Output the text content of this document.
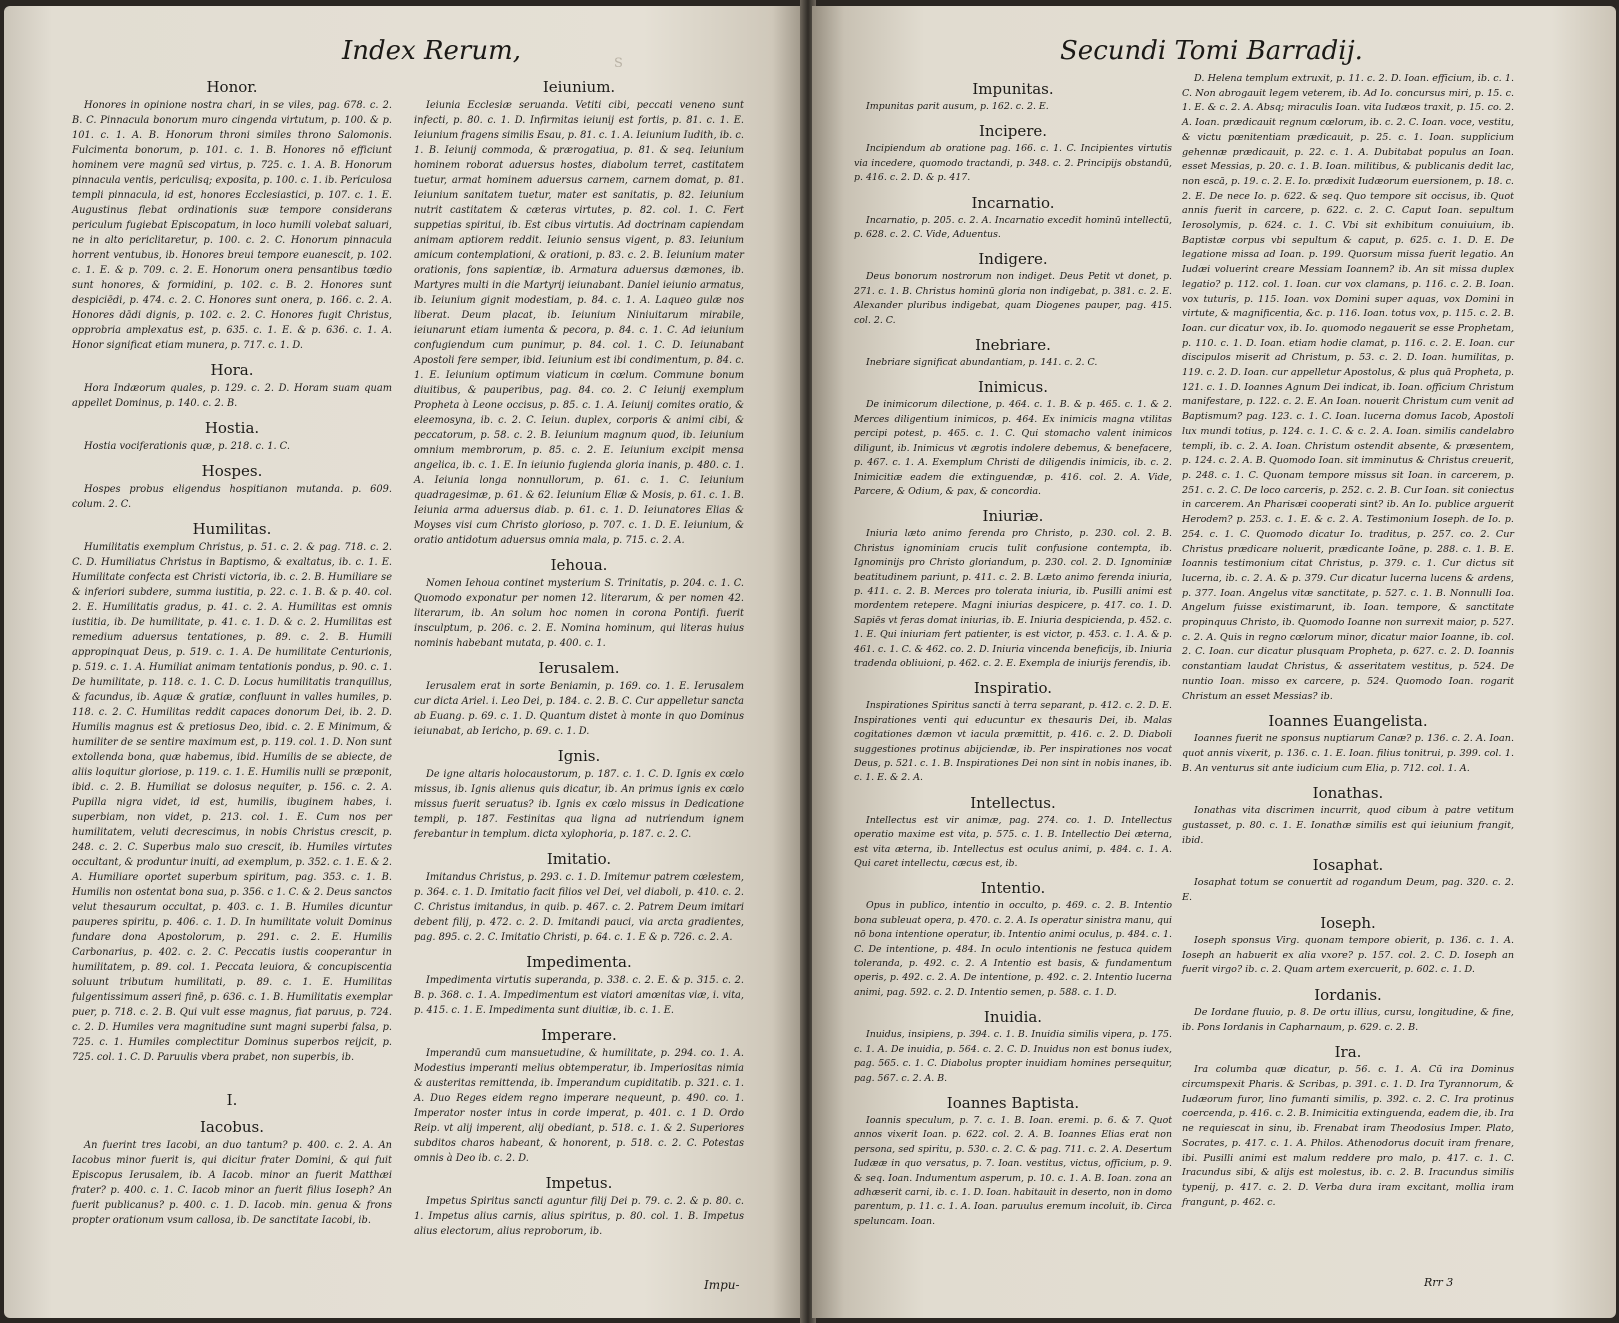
Index Rerum,	S
Honor.

Honores in opinione nostra chari, in se viles, pag. 678. c. 2. B. C. Pinnacula bonorum muro cingenda virtutum, p. 100. & p. 101. c. 1. A. B. Honorum throni similes throno Salomonis. Fulcimenta bonorum, p. 101. c. 1. B. Honores nō efficiunt hominem vere magnū sed virtus, p. 725. c. 1. A. B. Honorum pinnacula ventis, periculisq; exposita, p. 100. c. 1. ib. Periculosa templi pinnacula, id est, honores Ecclesiastici, p. 107. c. 1. E. Augustinus flebat ordinationis suæ tempore considerans periculum fugiebat Episcopatum, in loco humili volebat saluari, ne in alto periclitaretur, p. 100. c. 2. C. Honorum pinnacula horrent ventubus, ib. Honores breui tempore euanescit, p. 102. c. 1. E. & p. 709. c. 2. E. Honorum onera pensantibus tœdio sunt honores, & formidini, p. 102. c. B. 2. Honores sunt despiciēdi, p. 474. c. 2. C. Honores sunt onera, p. 166. c. 2. A. Honores dādi dignis, p. 102. c. 2. C. Honores fugit Christus, opprobria amplexatus est, p. 635. c. 1. E. & p. 636. c. 1. A. Honor significat etiam munera, p. 717. c. 1. D.

Hora.

Hora Indæorum quales, p. 129. c. 2. D. Horam suam quam appellet Dominus, p. 140. c. 2. B.

Hostia.

Hostia vociferationis quæ, p. 218. c. 1. C.

Hospes.

Hospes probus eligendus hospitianon mutanda. p. 609. colum. 2. C.

Humilitas.

Humilitatis exemplum Christus, p. 51. c. 2. & pag. 718. c. 2. C. D. Humiliatus Christus in Baptismo, & exaltatus, ib. c. 1. E. Humilitate confecta est Christi victoria, ib. c. 2. B. Humiliare se & inferiori subdere, summa iustitia, p. 22. c. 1. B. & p. 40. col. 2. E. Humilitatis gradus, p. 41. c. 2. A. Humilitas est omnis iustitia, ib. De humilitate, p. 41. c. 1. D. & c. 2. Humilitas est remedium aduersus tentationes, p. 89. c. 2. B. Humili appropinquat Deus, p. 519. c. 1. A. De humilitate Centurionis, p. 519. c. 1. A. Humiliat animam tentationis pondus, p. 90. c. 1. De humilitate, p. 118. c. 1. C. D. Locus humilitatis tranquillus, & facundus, ib. Aquæ & gratiæ, confluunt in valles humiles, p. 118. c. 2. C. Humilitas reddit capaces donorum Dei, ib. 2. D. Humilis magnus est & pretiosus Deo, ibid. c. 2. E Minimum, & humiliter de se sentire maximum est, p. 119. col. 1. D. Non sunt extollenda bona, quæ habemus, ibid. Humilis de se abiecte, de aliis loquitur gloriose, p. 119. c. 1. E. Humilis nulli se præponit, ibid. c. 2. B. Humiliat se dolosus nequiter, p. 156. c. 2. A. Pupilla nigra videt, id est, humilis, ibuginem habes, i. superbiam, non videt, p. 213. col. 1. E. Cum nos per humilitatem, veluti decrescimus, in nobis Christus crescit, p. 248. c. 2. C. Superbus malo suo crescit, ib. Humiles virtutes occultant, & produntur inuiti, ad exemplum, p. 352. c. 1. E. & 2. A. Humiliare oportet superbum spiritum, pag. 353. c. 1. B. Humilis non ostentat bona sua, p. 356. c 1. C. & 2. Deus sanctos velut thesaurum occultat, p. 403. c. 1. B. Humiles dicuntur pauperes spiritu, p. 406. c. 1. D. In humilitate voluit Dominus fundare dona Apostolorum, p. 291. c. 2. E. Humilis Carbonarius, p. 402. c. 2. C. Peccatis iustis cooperantur in humilitatem, p. 89. col. 1. Peccata leuiora, & concupiscentia soluunt tributum humilitati, p. 89. c. 1. E. Humilitas fulgentissimum asseri finē, p. 636. c. 1. B. Humilitatis exemplar puer, p. 718. c. 2. B. Qui vult esse magnus, fiat paruus, p. 724. c. 2. D. Humiles vera magnitudine sunt magni superbi falsa, p. 725. c. 1. Humiles complectitur Dominus superbos reijcit, p. 725. col. 1. C. D. Paruulis vbera prabet, non superbis, ib.

I.
Iacobus.

An fuerint tres Iacobi, an duo tantum? p. 400. c. 2. A. An Iacobus minor fuerit is, qui dicitur frater Domini, & qui fuit Episcopus Ierusalem, ib. A Iacob. minor an fuerit Matthæi frater? p. 400. c. 1. C. Iacob minor an fuerit filius Ioseph? An fuerit publicanus? p. 400. c. 1. D. Iacob. min. genua & frons propter orationum vsum callosa, ib. De sanctitate Iacobi, ib.

Ieiunium.

Ieiunia Ecclesiæ seruanda. Vetiti cibi, peccati veneno sunt infecti, p. 80. c. 1. D. Infirmitas ieiunij est fortis, p. 81. c. 1. E. Ieiunium fragens similis Esau, p. 81. c. 1. A. Ieiunium Iudith, ib. c. 1. B. Ieiunij commoda, & prærogatiua, p. 81. & seq. Ieiunium hominem roborat aduersus hostes, diabolum terret, castitatem tuetur, armat hominem aduersus carnem, carnem domat, p. 81. Ieiunium sanitatem tuetur, mater est sanitatis, p. 82. Ieiunium nutrit castitatem & cæteras virtutes, p. 82. col. 1. C. Fert suppetias spiritui, ib. Est cibus virtutis. Ad doctrinam capiendam animam aptiorem reddit. Ieiunio sensus vigent, p. 83. Ieiunium amicum contemplationi, & orationi, p. 83. c. 2. B. Ieiunium mater orationis, fons sapientiæ, ib. Armatura aduersus dæmones, ib. Martyres multi in die Martyrij ieiunabant. Daniel ieiunio armatus, ib. Ieiunium gignit modestiam, p. 84. c. 1. A. Laqueo gulæ nos liberat. Deum placat, ib. Ieiunium Niniuitarum mirabile, ieiunarunt etiam iumenta & pecora, p. 84. c. 1. C. Ad ieiunium confugiendum cum punimur, p. 84. col. 1. C. D. Ieiunabant Apostoli fere semper, ibid. Ieiunium est ibi condimentum, p. 84. c. 1. E. Ieiunium optimum viaticum in cœlum. Commune bonum diuitibus, & pauperibus, pag. 84. co. 2. C Ieiunij exemplum Propheta à Leone occisus, p. 85. c. 1. A. Ieiunij comites oratio, & eleemosyna, ib. c. 2. C. Ieiun. duplex, corporis & animi cibi, & peccatorum, p. 58. c. 2. B. Ieiunium magnum quod, ib. Ieiunium omnium membrorum, p. 85. c. 2. E. Ieiunium excipit mensa angelica, ib. c. 1. E. In ieiunio fugienda gloria inanis, p. 480. c. 1. A. Ieiunia longa nonnullorum, p. 61. c. 1. C. Ieiunium quadragesimæ, p. 61. & 62. Ieiunium Eliæ & Mosis, p. 61. c. 1. B. Ieiunia arma aduersus diab. p. 61. c. 1. D. Ieiunatores Elias & Moyses visi cum Christo glorioso, p. 707. c. 1. D. E. Ieiunium, & oratio antidotum aduersus omnia mala, p. 715. c. 2. A.

Iehoua.

Nomen Iehoua continet mysterium S. Trinitatis, p. 204. c. 1. C. Quomodo exponatur per nomen 12. literarum, & per nomen 42. literarum, ib. An solum hoc nomen in corona Pontifi. fuerit insculptum, p. 206. c. 2. E. Nomina hominum, qui literas huius nominis habebant mutata, p. 400. c. 1.

Ierusalem.

Ierusalem erat in sorte Beniamin, p. 169. co. 1. E. Ierusalem cur dicta Ariel. i. Leo Dei, p. 184. c. 2. B. C. Cur appelletur sancta ab Euang. p. 69. c. 1. D. Quantum distet à monte in quo Dominus ieiunabat, ab Iericho, p. 69. c. 1. D.

Ignis.

De igne altaris holocaustorum, p. 187. c. 1. C. D. Ignis ex cœlo missus, ib. Ignis alienus quis dicatur, ib. An primus ignis ex cœlo missus fuerit seruatus? ib. Ignis ex cœlo missus in Dedicatione templi, p. 187. Festinitas qua ligna ad nutriendum ignem ferebantur in templum. dicta xylophoria, p. 187. c. 2. C.

Imitatio.

Imitandus Christus, p. 293. c. 1. D. Imitemur patrem cœlestem, p. 364. c. 1. D. Imitatio facit filios vel Dei, vel diaboli, p. 410. c. 2. C. Christus imitandus, in quib. p. 467. c. 2. Patrem Deum imitari debent filij, p. 472. c. 2. D. Imitandi pauci, via arcta gradientes, pag. 895. c. 2. C. Imitatio Christi, p. 64. c. 1. E & p. 726. c. 2. A.

Impedimenta.

Impedimenta virtutis superanda, p. 338. c. 2. E. & p. 315. c. 2. B. p. 368. c. 1. A. Impedimentum est viatori amœnitas viæ, i. vita, p. 415. c. 1. E. Impedimenta sunt diuitiæ, ib. c. 1. E.

Imperare.

Imperandū cum mansuetudine, & humilitate, p. 294. co. 1. A. Modestius imperanti melius obtemperatur, ib. Imperiositas nimia & austeritas remittenda, ib. Imperandum cupiditatib. p. 321. c. 1. A. Duo Reges eidem regno imperare nequeunt, p. 490. co. 1. Imperator noster intus in corde imperat, p. 401. c. 1 D. Ordo Reip. vt alij imperent, alij obediant, p. 518. c. 1. & 2. Superiores subditos charos habeant, & honorent, p. 518. c. 2. C. Potestas omnis à Deo ib. c. 2. D.

Impetus.

Impetus Spiritus sancti aguntur filij Dei p. 79. c. 2. & p. 80. c. 1. Impetus alius carnis, alius spiritus, p. 80. col. 1. B. Impetus alius electorum, alius reproborum, ib.

Impu-
Secundi Tomi Barradij.
Impunitas.

Impunitas parit ausum, p. 162. c. 2. E.

Incipere.

Incipiendum ab oratione pag. 166. c. 1. C. Incipientes virtutis via incedere, quomodo tractandi, p. 348. c. 2. Principijs obstandū, p. 416. c. 2. D. & p. 417.

Incarnatio.

Incarnatio, p. 205. c. 2. A. Incarnatio excedit hominū intellectū, p. 628. c. 2. C. Vide, Aduentus.

Indigere.

Deus bonorum nostrorum non indiget. Deus Petit vt donet, p. 271. c. 1. B. Christus hominū gloria non indigebat, p. 381. c. 2. E. Alexander pluribus indigebat, quam Diogenes pauper, pag. 415. col. 2. C.

Inebriare.

Inebriare significat abundantiam, p. 141. c. 2. C.

Inimicus.

De inimicorum dilectione, p. 464. c. 1. B. & p. 465. c. 1. & 2. Merces diligentium inimicos, p. 464. Ex inimicis magna vtilitas percipi potest, p. 465. c. 1. C. Qui stomacho valent inimicos diligunt, ib. Inimicus vt ægrotis indolere debemus, & benefacere, p. 467. c. 1. A. Exemplum Christi de diligendis inimicis, ib. c. 2. Inimicitiæ eadem die extinguendæ, p. 416. col. 2. A. Vide, Parcere, & Odium, & pax, & concordia.

Iniuriæ.

Iniuria læto animo ferenda pro Christo, p. 230. col. 2. B. Christus ignominiam crucis tulit confusione contempta, ib. Ignominijs pro Christo gloriandum, p. 230. col. 2. D. Ignominiæ beatitudinem pariunt, p. 411. c. 2. B. Læto animo ferenda iniuria, p. 411. c. 2. B. Merces pro tolerata iniuria, ib. Pusilli animi est mordentem retepere. Magni iniurias despicere, p. 417. co. 1. D. Sapiēs vt feras domat iniurias, ib. E. Iniuria despicienda, p. 452. c. 1. E. Qui iniuriam fert patienter, is est victor, p. 453. c. 1. A. & p. 461. c. 1. C. & 462. co. 2. D. Iniuria vincenda beneficijs, ib. Iniuria tradenda obliuioni, p. 462. c. 2. E. Exempla de iniurijs ferendis, ib.

Inspiratio.

Inspirationes Spiritus sancti à terra separant, p. 412. c. 2. D. E. Inspirationes venti qui educuntur ex thesauris Dei, ib. Malas cogitationes dæmon vt iacula præmittit, p. 416. c. 2. D. Diaboli suggestiones protinus abijciendæ, ib. Per inspirationes nos vocat Deus, p. 521. c. 1. B. Inspirationes Dei non sint in nobis inanes, ib. c. 1. E. & 2. A.

Intellectus.

Intellectus est vir animæ, pag. 274. co. 1. D. Intellectus operatio maxime est vita, p. 575. c. 1. B. Intellectio Dei æterna, est vita æterna, ib. Intellectus est oculus animi, p. 484. c. 1. A. Qui caret intellectu, cæcus est, ib.

Intentio.

Opus in publico, intentio in occulto, p. 469. c. 2. B. Intentio bona subleuat opera, p. 470. c. 2. A. Is operatur sinistra manu, qui nō bona intentione operatur, ib. Intentio animi oculus, p. 484. c. 1. C. De intentione, p. 484. In oculo intentionis ne festuca quidem toleranda, p. 492. c. 2. A Intentio est basis, & fundamentum operis, p. 492. c. 2. A. De intentione, p. 492. c. 2. Intentio lucerna animi, pag. 592. c. 2. D. Intentio semen, p. 588. c. 1. D.

Inuidia.

Inuidus, insipiens, p. 394. c. 1. B. Inuidia similis vipera, p. 175. c. 1. A. De inuidia, p. 564. c. 2. C. D. Inuidus non est bonus iudex, pag. 565. c. 1. C. Diabolus propter inuidiam homines persequitur, pag. 567. c. 2. A. B.

Ioannes Baptista.

Ioannis speculum, p. 7. c. 1. B. Ioan. eremi. p. 6. & 7. Quot annos vixerit Ioan. p. 622. col. 2. A. B. Ioannes Elias erat non persona, sed spiritu, p. 530. c. 2. C. & pag. 711. c. 2. A. Desertum Iudææ in quo versatus, p. 7. Ioan. vestitus, victus, officium, p. 9. & seq. Ioan. Indumentum asperum, p. 10. c. 1. A. B. Ioan. zona an adhæserit carni, ib. c. 1. D. Ioan. habitauit in deserto, non in domo parentum, p. 11. c. 1. A. Ioan. paruulus eremum incoluit, ib. Circa speluncam. Ioan.

D. Helena templum extruxit, p. 11. c. 2. D. Ioan. efficium, ib. c. 1. C. Non abrogauit legem veterem, ib. Ad Io. concursus miri, p. 15. c. 1. E. & c. 2. A. Absq; miraculis Ioan. vita Iudæos traxit, p. 15. co. 2. A. Ioan. prædicauit regnum cœlorum, ib. c. 2. C. Ioan. voce, vestitu, & victu pœnitentiam prædicauit, p. 25. c. 1. Ioan. supplicium gehennæ prædicauit, p. 22. c. 1. A. Dubitabat populus an Ioan. esset Messias, p. 20. c. 1. B. Ioan. militibus, & publicanis dedit lac, non escā, p. 19. c. 2. E. Io. prædixit Iudæorum euersionem, p. 18. c. 2. E. De nece Io. p. 622. & seq. Quo tempore sit occisus, ib. Quot annis fuerit in carcere, p. 622. c. 2. C. Caput Ioan. sepultum Ierosolymis, p. 624. c. 1. C. Vbi sit exhibitum conuiuium, ib. Baptistæ corpus vbi sepultum & caput, p. 625. c. 1. D. E. De legatione missa ad Ioan. p. 199. Quorsum missa fuerit legatio. An Iudæi voluerint creare Messiam Ioannem? ib. An sit missa duplex legatio? p. 112. col. 1. Ioan. cur vox clamans, p. 116. c. 2. B. Ioan. vox tuturis, p. 115. Ioan. vox Domini super aquas, vox Domini in virtute, & magnificentia, &c. p. 116. Ioan. totus vox, p. 115. c. 2. B. Ioan. cur dicatur vox, ib. Io. quomodo negauerit se esse Prophetam, p. 110. c. 1. D. Ioan. etiam hodie clamat, p. 116. c. 2. E. Ioan. cur discipulos miserit ad Christum, p. 53. c. 2. D. Ioan. humilitas, p. 119. c. 2. D. Ioan. cur appelletur Apostolus, & plus quā Propheta, p. 121. c. 1. D. Ioannes Agnum Dei indicat, ib. Ioan. officium Christum manifestare, p. 122. c. 2. E. An Ioan. nouerit Christum cum venit ad Baptismum? pag. 123. c. 1. C. Ioan. lucerna domus Iacob, Apostoli lux mundi totius, p. 124. c. 1. C. & c. 2. A. Ioan. similis candelabro templi, ib. c. 2. A. Ioan. Christum ostendit absente, & præsentem, p. 124. c. 2. A. B. Quomodo Ioan. sit imminutus & Christus creuerit, p. 248. c. 1. C. Quonam tempore missus sit Ioan. in carcerem, p. 251. c. 2. C. De loco carceris, p. 252. c. 2. B. Cur Ioan. sit coniectus in carcerem. An Pharisæi cooperati sint? ib. An Io. publice arguerit Herodem? p. 253. c. 1. E. & c. 2. A. Testimonium Ioseph. de Io. p. 254. c. 1. C. Quomodo dicatur Io. traditus, p. 257. co. 2. Cur Christus prædicare noluerit, prædicante Ioāne, p. 288. c. 1. B. E. Ioannis testimonium citat Christus, p. 379. c. 1. Cur dictus sit lucerna, ib. c. 2. A. & p. 379. Cur dicatur lucerna lucens & ardens, p. 377. Ioan. Angelus vitæ sanctitate, p. 527. c. 1. B. Nonnulli Ioa. Angelum fuisse existimarunt, ib. Ioan. tempore, & sanctitate propinquus Christo, ib. Quomodo Ioanne non surrexit maior, p. 527. c. 2. A. Quis in regno cœlorum minor, dicatur maior Ioanne, ib. col. 2. C. Ioan. cur dicatur plusquam Propheta, p. 627. c. 2. D. Ioannis constantiam laudat Christus, & asseritatem vestitus, p. 524. De nuntio Ioan. misso ex carcere, p. 524. Quomodo Ioan. rogarit Christum an esset Messias? ib.

Ioannes Euangelista.

Ioannes fuerit ne sponsus nuptiarum Canæ? p. 136. c. 2. A. Ioan. quot annis vixerit, p. 136. c. 1. E. Ioan. filius tonitrui, p. 399. col. 1. B. An venturus sit ante iudicium cum Elia, p. 712. col. 1. A.

Ionathas.

Ionathas vita discrimen incurrit, quod cibum à patre vetitum gustasset, p. 80. c. 1. E. Ionathæ similis est qui ieiunium frangit, ibid.

Iosaphat.

Iosaphat totum se conuertit ad rogandum Deum, pag. 320. c. 2. E.

Ioseph.

Ioseph sponsus Virg. quonam tempore obierit, p. 136. c. 1. A. Ioseph an habuerit ex alia vxore? p. 157. col. 2. C. D. Ioseph an fuerit virgo? ib. c. 2. Quam artem exercuerit, p. 602. c. 1. D.

Iordanis.

De Iordane fluuio, p. 8. De ortu illius, cursu, longitudine, & fine, ib. Pons Iordanis in Capharnaum, p. 629. c. 2. B.

Ira.

Ira columba quæ dicatur, p. 56. c. 1. A. Cū ira Dominus circumspexit Pharis. & Scribas, p. 391. c. 1. D. Ira Tyrannorum, & Iudæorum furor, lino fumanti similis, p. 392. c. 2. C. Ira protinus coercenda, p. 416. c. 2. B. Inimicitia extinguenda, eadem die, ib. Ira ne requiescat in sinu, ib. Frenabat iram Theodosius Imper. Plato, Socrates, p. 417. c. 1. A. Philos. Athenodorus docuit iram frenare, ibi. Pusilli animi est malum reddere pro malo, p. 417. c. 1. C. Iracundus sibi, & alijs est molestus, ib. c. 2. B. Iracundus similis typenij, p. 417. c. 2. D. Verba dura iram excitant, mollia iram frangunt, p. 462. c.

Rrr 3
